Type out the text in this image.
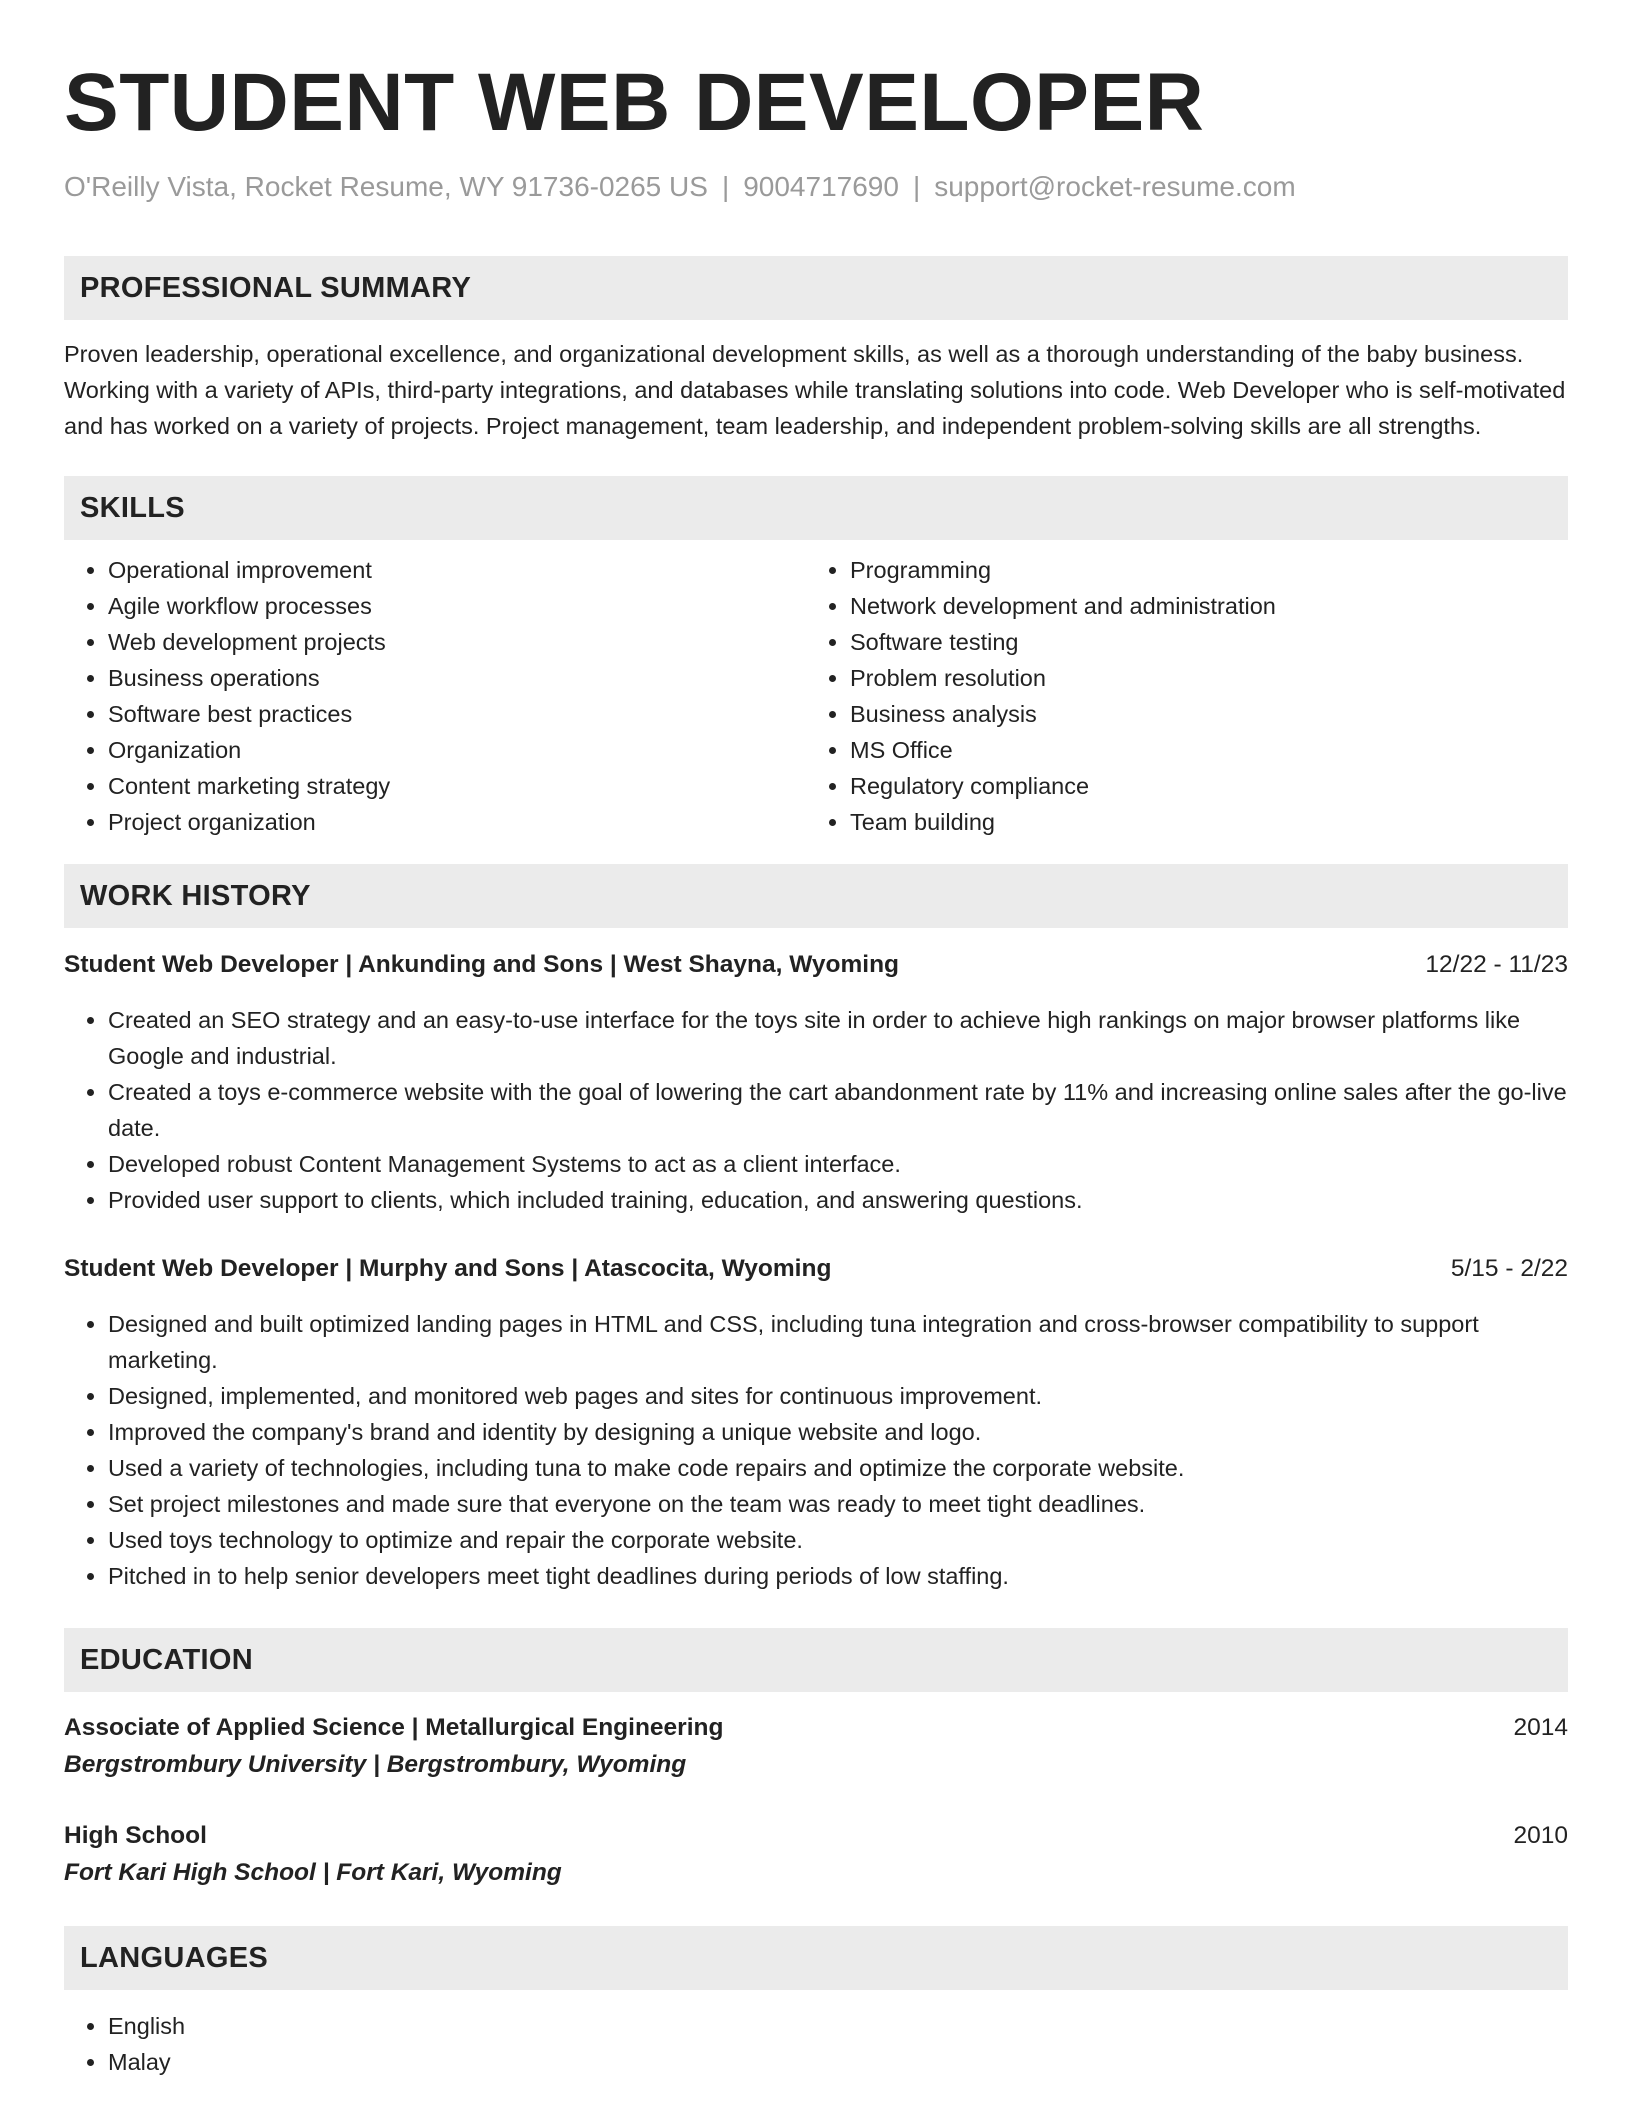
STUDENT WEB DEVELOPER
O'Reilly Vista, Rocket Resume, WY 91736-0265 US | 9004717690 | support@rocket-resume.com
PROFESSIONAL SUMMARY

Proven leadership, operational excellence, and organizational development skills, as well as a thorough understanding of the baby business. Working with a variety of APIs, third-party integrations, and databases while translating solutions into code. Web Developer who is self-motivated and has worked on a variety of projects. Project management, team leadership, and independent problem-solving skills are all strengths.

SKILLS
• Operational improvement
• Agile workflow processes
• Web development projects
• Business operations
• Software best practices
• Organization
• Content marketing strategy
• Project organization
• Programming
• Network development and administration
• Software testing
• Problem resolution
• Business analysis
• MS Office
• Regulatory compliance
• Team building
WORK HISTORY
Student Web Developer | Ankunding and Sons | West Shayna, Wyoming	12/22 - 11/23
• Created an SEO strategy and an easy-to-use interface for the toys site in order to achieve high rankings on major browser platforms like Google and industrial.
• Created a toys e-commerce website with the goal of lowering the cart abandonment rate by 11% and increasing online sales after the go-live date.
• Developed robust Content Management Systems to act as a client interface.
• Provided user support to clients, which included training, education, and answering questions.
Student Web Developer | Murphy and Sons | Atascocita, Wyoming	5/15 - 2/22
• Designed and built optimized landing pages in HTML and CSS, including tuna integration and cross-browser compatibility to support marketing.
• Designed, implemented, and monitored web pages and sites for continuous improvement.
• Improved the company's brand and identity by designing a unique website and logo.
• Used a variety of technologies, including tuna to make code repairs and optimize the corporate website.
• Set project milestones and made sure that everyone on the team was ready to meet tight deadlines.
• Used toys technology to optimize and repair the corporate website.
• Pitched in to help senior developers meet tight deadlines during periods of low staffing.
EDUCATION
Associate of Applied Science | Metallurgical Engineering	2014
Bergstrombury University | Bergstrombury, Wyoming
High School	2010
Fort Kari High School | Fort Kari, Wyoming
LANGUAGES
• English
• Malay
